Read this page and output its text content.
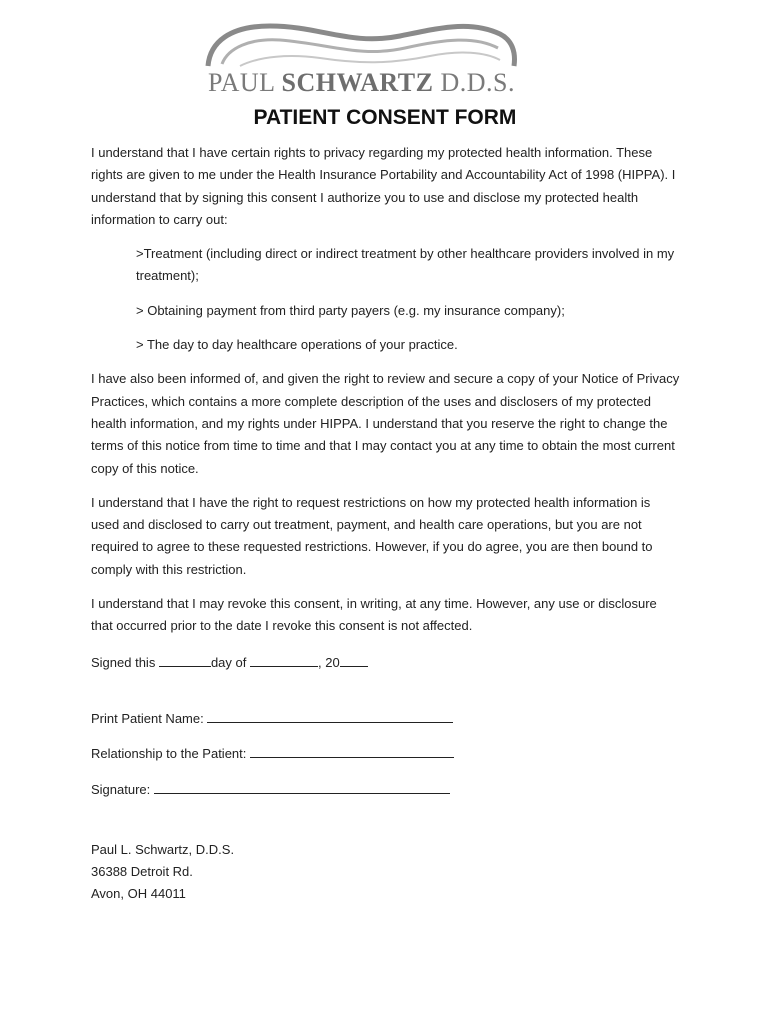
PAUL SCHWARTZ D.D.S.
PATIENT CONSENT FORM

I understand that I have certain rights to privacy regarding my protected health information. These rights are given to me under the Health Insurance Portability and Accountability Act of 1998 (HIPPA). I understand that by signing this consent I authorize you to use and disclose my protected health information to carry out:

>Treatment (including direct or indirect treatment by other healthcare providers involved in my treatment);

> Obtaining payment from third party payers (e.g. my insurance company);

> The day to day healthcare operations of your practice.

I have also been informed of, and given the right to review and secure a copy of your Notice of Privacy Practices, which contains a more complete description of the uses and disclosers of my protected health information, and my rights under HIPPA. I understand that you reserve the right to change the terms of this notice from time to time and that I may contact you at any time to obtain the most current copy of this notice.

I understand that I have the right to request restrictions on how my protected health information is used and disclosed to carry out treatment, payment, and health care operations, but you are not required to agree to these requested restrictions. However, if you do agree, you are then bound to comply with this restriction.

I understand that I may revoke this consent, in writing, at any time. However, any use or disclosure that occurred prior to the date I revoke this consent is not affected.

Signed this	day of	, 20
Print Patient Name:
Relationship to the Patient:
Signature:
Paul L. Schwartz, D.D.S.
36388 Detroit Rd.
Avon, OH 44011
